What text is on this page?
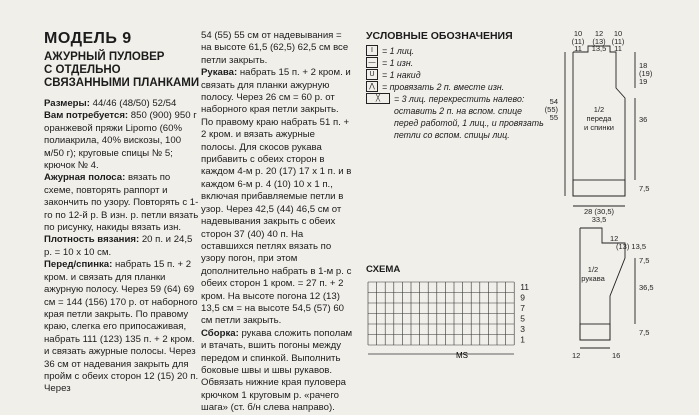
МОДЕЛЬ 9
АЖУРНЫЙ ПУЛОВЕР
С ОТДЕЛЬНО
СВЯЗАННЫМИ ПЛАНКАМИ

Размеры: 44/46 (48/50) 52/54

Вам потребуется: 850 (900) 950 г оранжевой пряжи Lipomo (60% полиакрила, 40% вискозы, 100 м/50 г); круговые спицы № 5; крючок № 4.

Ажурная полоса: вязать по схеме, повторять раппорт и закончить по узору. Повторять с 1-го по 12-й р. В изн. р. петли вязать по рисунку, накиды вязать изн.

Плотность вязания: 20 п. и 24,5 р. = 10 х 10 см.

Перед/спинка: набрать 15 п. + 2 кром. и связать для планки ажурную полосу. Через 59 (64) 69 см = 144 (156) 170 р. от наборного края петли закрыть. По правому краю, слегка его припосаживая, набрать 111 (123) 135 п. + 2 кром. и связать ажурные полосы. Через 36 см от надевания закрыть для пройм с обеих сторон 12 (15) 20 п. Через

54 (55) 55 см от надевывания = на высоте 61,5 (62,5) 62,5 см все петли закрыть.

Рукава: набрать 15 п. + 2 кром. и связать для планки ажурную полосу. Через 26 см = 60 р. от наборного края петли закрыть. По правому краю набрать 51 п. + 2 кром. и вязать ажурные полосы. Для скосов рукава прибавить с обеих сторон в каждом 4-м р. 20 (17) 17 х 1 п. и в каждом 6-м р. 4 (10) 10 х 1 п., включая прибавляемые петли в узор. Через 42,5 (44) 46,5 см от надевывания закрыть с обеих сторон 37 (40) 40 п. На оставшихся петлях вязать по узору погон, при этом дополнительно набрать в 1-м р. с обеих сторон 1 кром. = 27 п. + 2 кром. На высоте погона 12 (13) 13,5 см = на высоте 54,5 (57) 60 см петли закрыть.

Сборка: рукава сложить пополам и втачать, вшить погоны между передом и спинкой. Выполнить боковые швы и швы рукавов. Обвязать нижние края пуловера крючком 1 круговым р. «рачего шага» (ст. б/н слева направо).

УСЛОВНЫЕ ОБОЗНАЧЕНИЯ
I	= 1 лиц.
— = 1 изн.
U = 1 накид
⋀ = провязать 2 п. вместе изн.
╳	= 3 лиц. перекрестить налево: оставить 2 п. на вспом. спице перед работой, 1 лиц., и провязать петли со вспом. спицы лиц.
СХЕМА
11
9
7
5
3
1
MS
10 12 10
(11) (13) (11)
11 13,5 11
18
(19)
19
54
(55)
55
1/2
переда
и спинки
36
7,5
28 (30,5)
33,5
12
(13) 13,5
1/2
рукава
36,5
7,5
7,5
12	16
